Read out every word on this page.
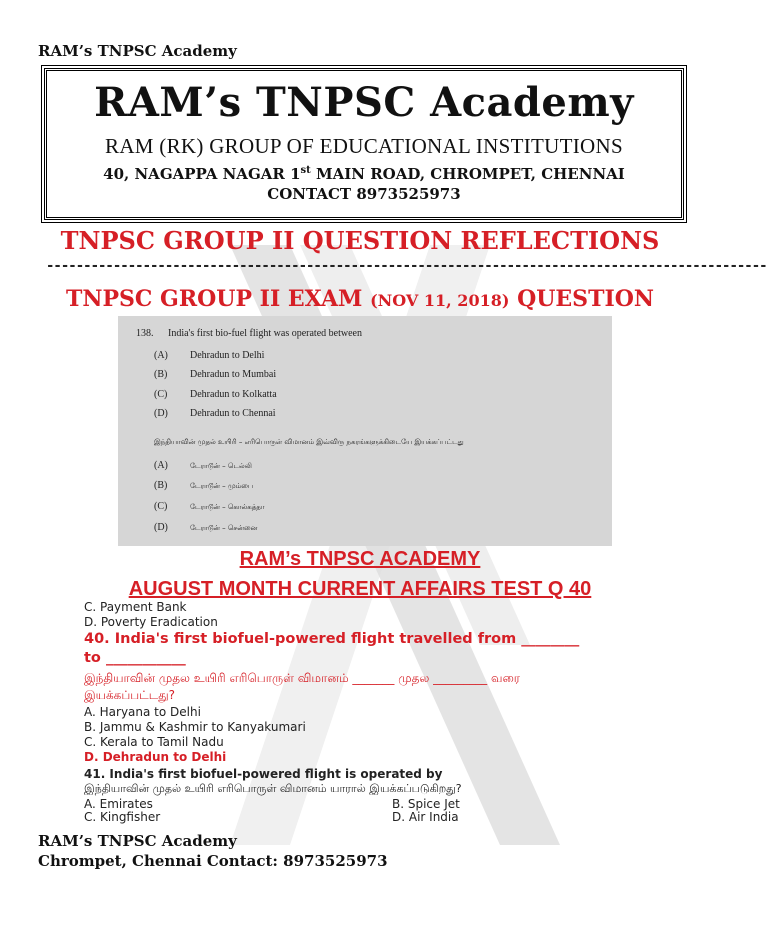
RAM’s TNPSC Academy
RAM’s TNPSC Academy
RAM (RK) GROUP OF EDUCATIONAL INSTITUTIONS
40, NAGAPPA NAGAR 1st MAIN ROAD, CHROMPET, CHENNAI
CONTACT 8973525973
TNPSC GROUP II QUESTION REFLECTIONS
-------------------------------------------------------------------------------------------------
TNPSC GROUP II EXAM (NOV 11, 2018) QUESTION
138. India's first bio-fuel flight was operated between
(A) Dehradun to Delhi
(B) Dehradun to Mumbai
(C) Dehradun to Kolkatta
(D) Dehradun to Chennai
இந்தியாவின் முதல் உயிரி – எரிபொருள் விமானம் இவ்விரு நகரங்களுக்கிடையே இயக்கப்பட்டது
(A)	டேராடூன் – டெல்லி
(B)	டேராடூன் – மும்பை
(C)	டேராடூன் – கொல்கத்தா
(D)	டேராடூன் – சென்னை
RAM’s TNPSC ACADEMY
AUGUST MONTH CURRENT AFFAIRS TEST Q 40
C. Payment Bank
D. Poverty Eradication
40. India's first biofuel-powered flight travelled from ________
to ___________
இந்தியாவின் முதல உயிரி எரிபொருள் விமானம் _______ முதல _________ வரை
இயக்கப்பட்டது?
A. Haryana to Delhi
B. Jammu & Kashmir to Kanyakumari
C. Kerala to Tamil Nadu
D. Dehradun to Delhi
41. India's first biofuel-powered flight is operated by
இந்தியாவின் முதல் உயிரி எரிபொருள் விமானம் யாரால் இயக்கப்படுகிறது?
A. Emirates	B. Spice Jet
C. Kingfisher	D. Air India
RAM’s TNPSC Academy
Chrompet, Chennai Contact: 8973525973
